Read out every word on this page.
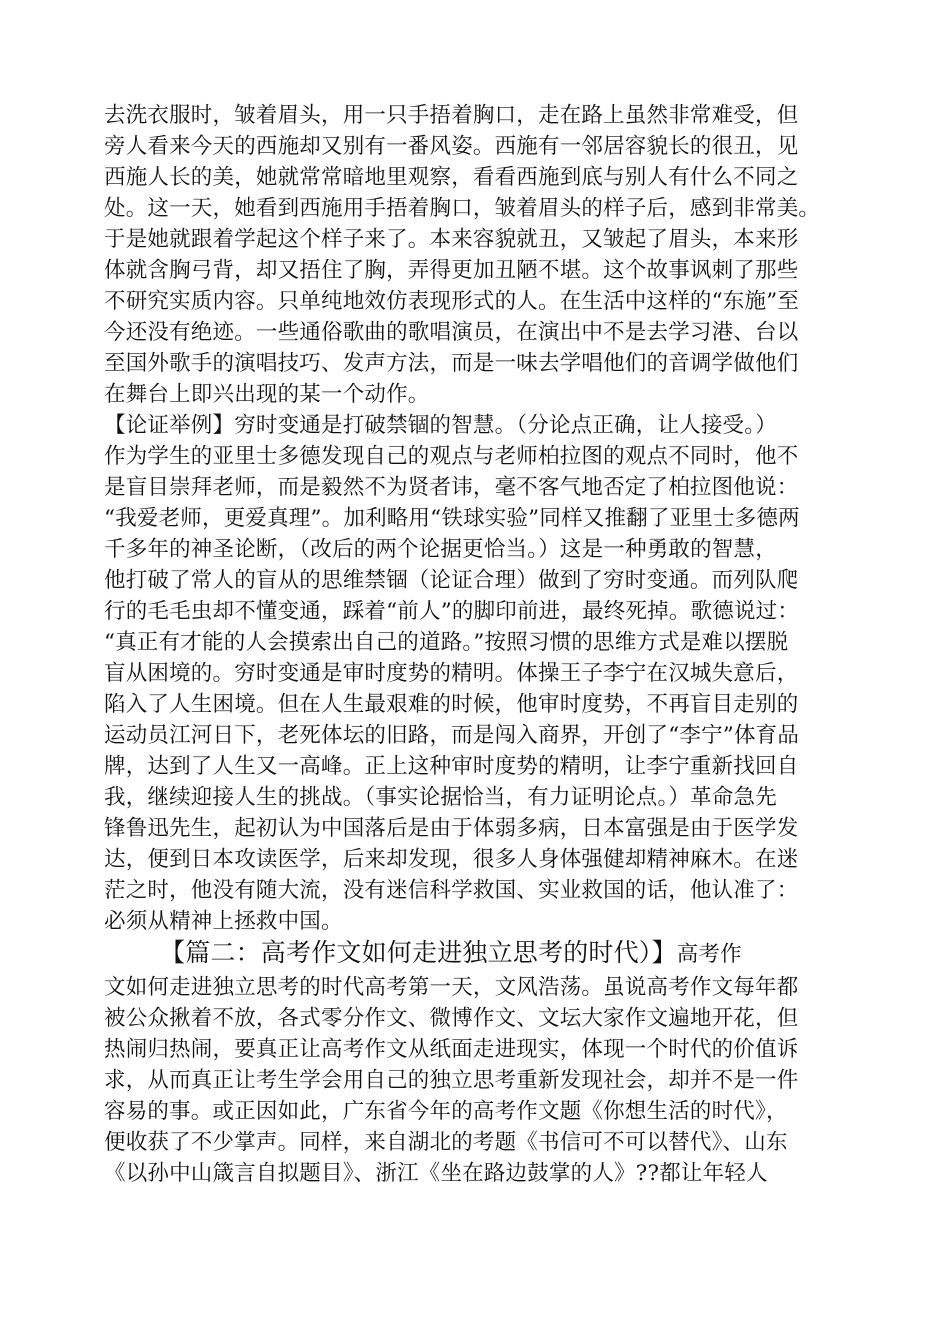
去洗衣服时，皱着眉头，用一只手捂着胸口，走在路上虽然非常难受，但
旁人看来今天的西施却又别有一番风姿。西施有一邻居容貌长的很丑，见
西施人长的美，她就常常暗地里观察，看看西施到底与别人有什么不同之
处。这一天，她看到西施用手捂着胸口，皱着眉头的样子后，感到非常美。
于是她就跟着学起这个样子来了。本来容貌就丑，又皱起了眉头，本来形
体就含胸弓背，却又捂住了胸，弄得更加丑陋不堪。这个故事讽刺了那些
不研究实质内容。只单纯地效仿表现形式的人。在生活中这样的“东施”至
今还没有绝迹。一些通俗歌曲的歌唱演员，在演出中不是去学习港、台以
至国外歌手的演唱技巧、发声方法，而是一味去学唱他们的音调学做他们
在舞台上即兴出现的某一个动作。
【论证举例】穷时变通是打破禁锢的智慧。（分论点正确，让人接受。）
作为学生的亚里士多德发现自己的观点与老师柏拉图的观点不同时，他不
是盲目崇拜老师，而是毅然不为贤者讳，毫不客气地否定了柏拉图他说：
“我爱老师，更爱真理”。加利略用“铁球实验”同样又推翻了亚里士多德两
千多年的神圣论断，（改后的两个论据更恰当。）这是一种勇敢的智慧，
他打破了常人的盲从的思维禁锢（论证合理）做到了穷时变通。而列队爬
行的毛毛虫却不懂变通，踩着“前人”的脚印前进，最终死掉。歌德说过：
“真正有才能的人会摸索出自己的道路。”按照习惯的思维方式是难以摆脱
盲从困境的。穷时变通是审时度势的精明。体操王子李宁在汉城失意后，
陷入了人生困境。但在人生最艰难的时候，他审时度势，不再盲目走别的
运动员江河日下，老死体坛的旧路，而是闯入商界，开创了“李宁”体育品
牌，达到了人生又一高峰。正上这种审时度势的精明，让李宁重新找回自
我，继续迎接人生的挑战。（事实论据恰当，有力证明论点。）革命急先
锋鲁迅先生，起初认为中国落后是由于体弱多病，日本富强是由于医学发
达，便到日本攻读医学，后来却发现，很多人身体强健却精神麻木。在迷
茫之时，他没有随大流，没有迷信科学救国、实业救国的话，他认准了：
必须从精神上拯救中国。
【篇二：高考作文如何走进独立思考的时代）】高考作
文如何走进独立思考的时代高考第一天，文风浩荡。虽说高考作文每年都
被公众揪着不放，各式零分作文、微博作文、文坛大家作文遍地开花，但
热闹归热闹，要真正让高考作文从纸面走进现实，体现一个时代的价值诉
求，从而真正让考生学会用自己的独立思考重新发现社会，却并不是一件
容易的事。或正因如此，广东省今年的高考作文题《你想生活的时代》，
便收获了不少掌声。同样，来自湖北的考题《书信可不可以替代》、山东
《以孙中山箴言自拟题目》、浙江《坐在路边鼓掌的人》??都让年轻人
